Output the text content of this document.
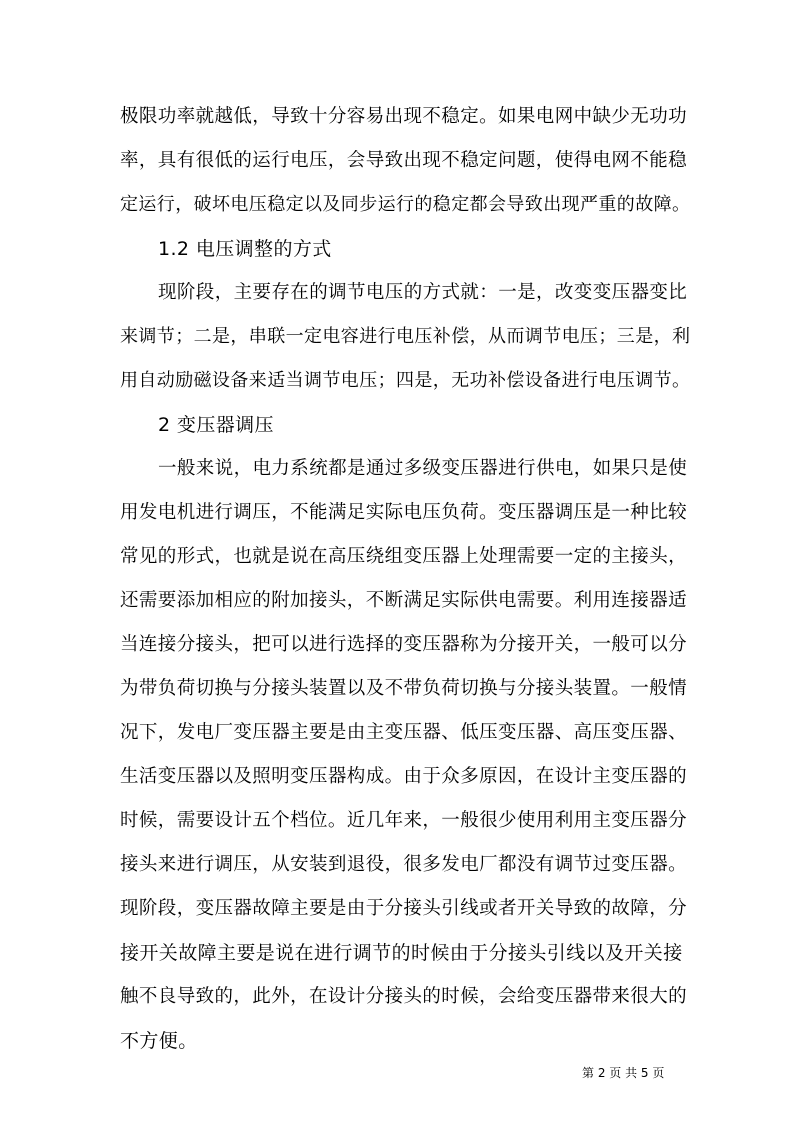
极限功率就越低，导致十分容易出现不稳定。如果电网中缺少无功功
率，具有很低的运行电压，会导致出现不稳定问题，使得电网不能稳
定运行，破坏电压稳定以及同步运行的稳定都会导致出现严重的故障。
1.2 电压调整的方式
现阶段，主要存在的调节电压的方式就：一是，改变变压器变比
来调节；二是，串联一定电容进行电压补偿，从而调节电压；三是，利
用自动励磁设备来适当调节电压；四是，无功补偿设备进行电压调节。
2 变压器调压
一般来说，电力系统都是通过多级变压器进行供电，如果只是使
用发电机进行调压，不能满足实际电压负荷。变压器调压是一种比较
常见的形式，也就是说在高压绕组变压器上处理需要一定的主接头，
还需要添加相应的附加接头，不断满足实际供电需要。利用连接器适
当连接分接头，把可以进行选择的变压器称为分接开关，一般可以分
为带负荷切换与分接头装置以及不带负荷切换与分接头装置。一般情
况下，发电厂变压器主要是由主变压器、低压变压器、高压变压器、
生活变压器以及照明变压器构成。由于众多原因，在设计主变压器的
时候，需要设计五个档位。近几年来，一般很少使用利用主变压器分
接头来进行调压，从安装到退役，很多发电厂都没有调节过变压器。
现阶段，变压器故障主要是由于分接头引线或者开关导致的故障，分
接开关故障主要是说在进行调节的时候由于分接头引线以及开关接
触不良导致的，此外，在设计分接头的时候，会给变压器带来很大的
不方便。
第 2 页 共 5 页
